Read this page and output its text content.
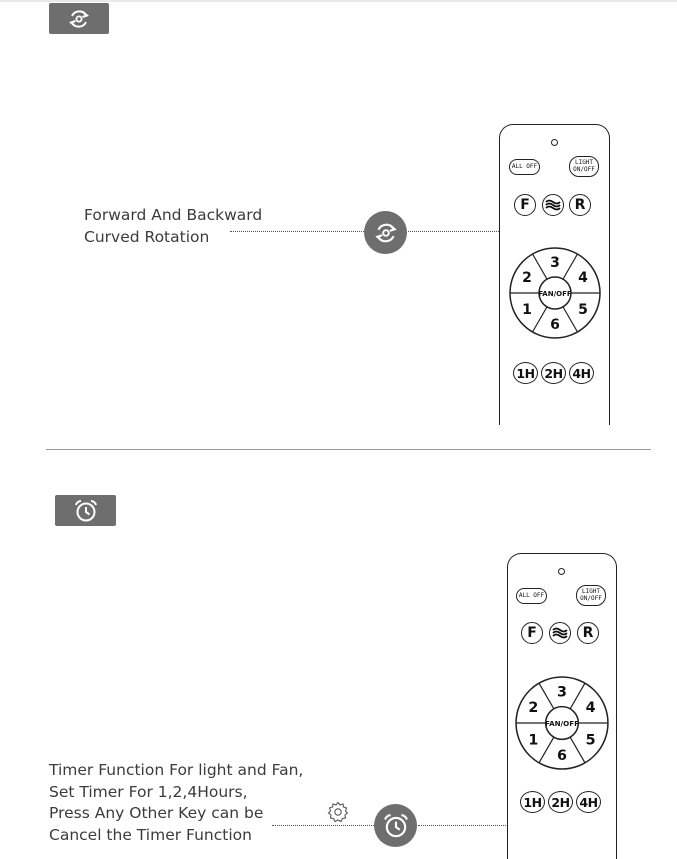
Forward And Backward
Curved Rotation
ALL OFF
LIGHT
ON/OFF
F	R
1
2
3
4
5
6
FAN/OFF
1H 2H 4H
Timer Function For light and Fan,
Set Timer For 1,2,4Hours,
Press Any Other Key can be
Cancel the Timer Function
ALL OFF
LIGHT
ON/OFF
F	R
1
2
3
4
5
6
FAN/OFF
1H 2H 4H
